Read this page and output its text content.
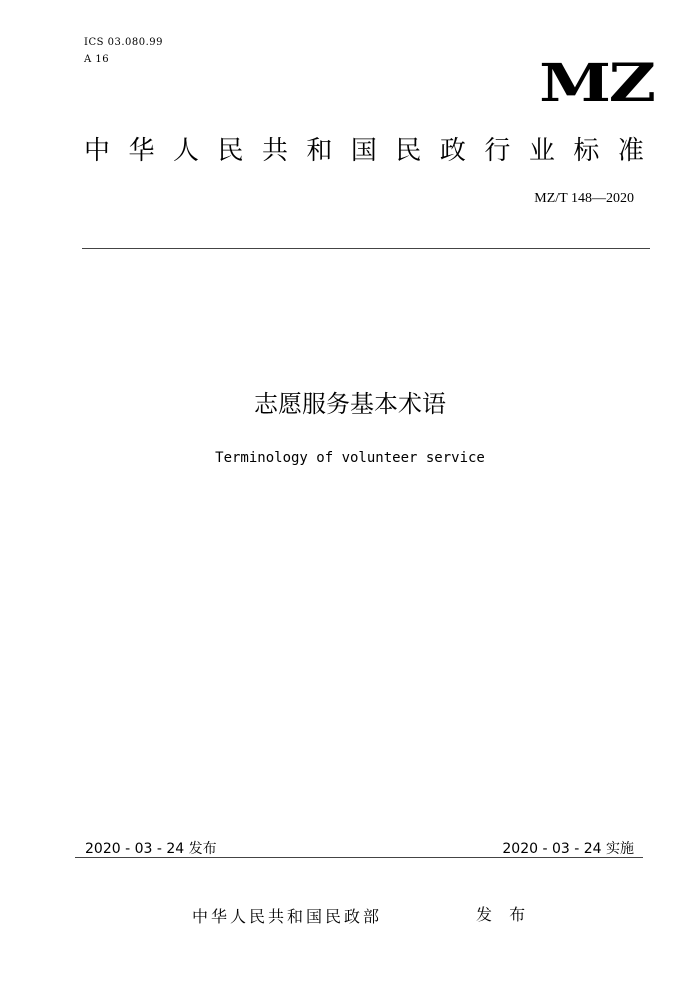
ICS 03.080.99
A 16	MZ
中 华 人 民 共 和 国 民 政 行 业 标 准
MZ/T 148—2020
志愿服务基本术语
Terminology of volunteer service
2020 - 03 - 24 发布	2020 - 03 - 24 实施
中华人民共和国民政部	发 布
